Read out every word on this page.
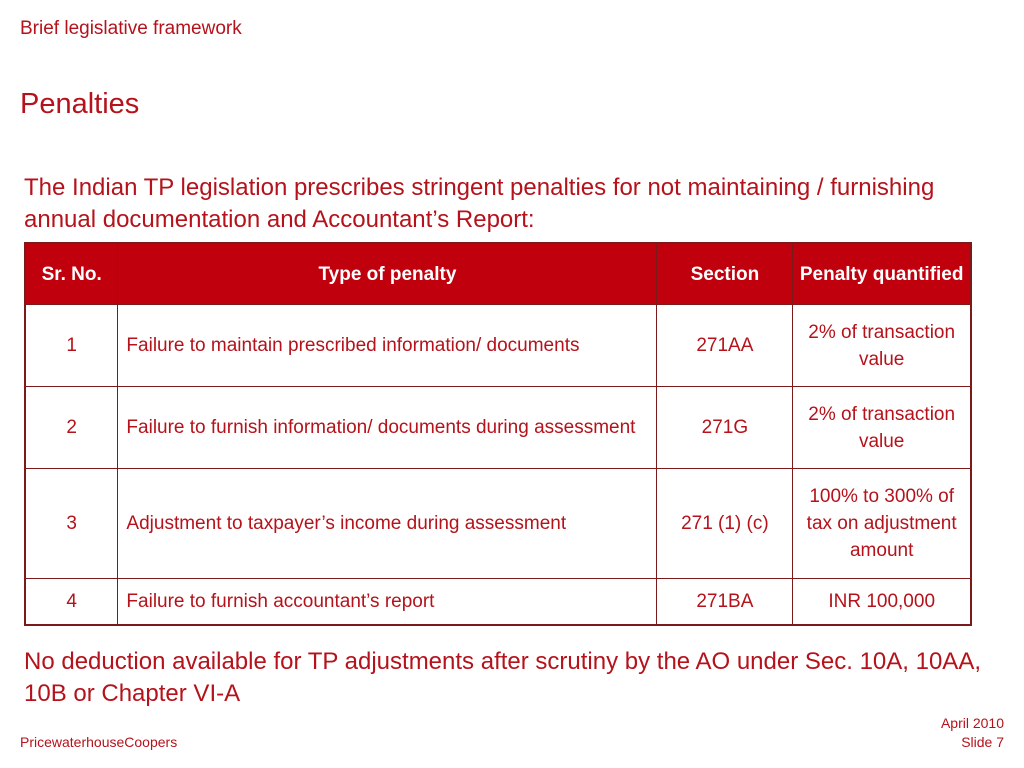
Brief legislative framework
Penalties
The Indian TP legislation prescribes stringent penalties for not maintaining / furnishing annual documentation and Accountant’s Report:
Sr. No.	Type of penalty	Section	Penalty quantified
1	Failure to maintain prescribed information/ documents	271AA	2% of transaction value
2	Failure to furnish information/ documents during assessment	271G	2% of transaction value
3	Adjustment to taxpayer’s income during assessment	271 (1) (c)	100% to 300% of tax on adjustment amount
4	Failure to furnish accountant’s report	271BA	INR 100,000
No deduction available for TP adjustments after scrutiny by the AO under Sec. 10A, 10AA, 10B or Chapter VI-A
PricewaterhouseCoopers
April 2010
Slide 7
